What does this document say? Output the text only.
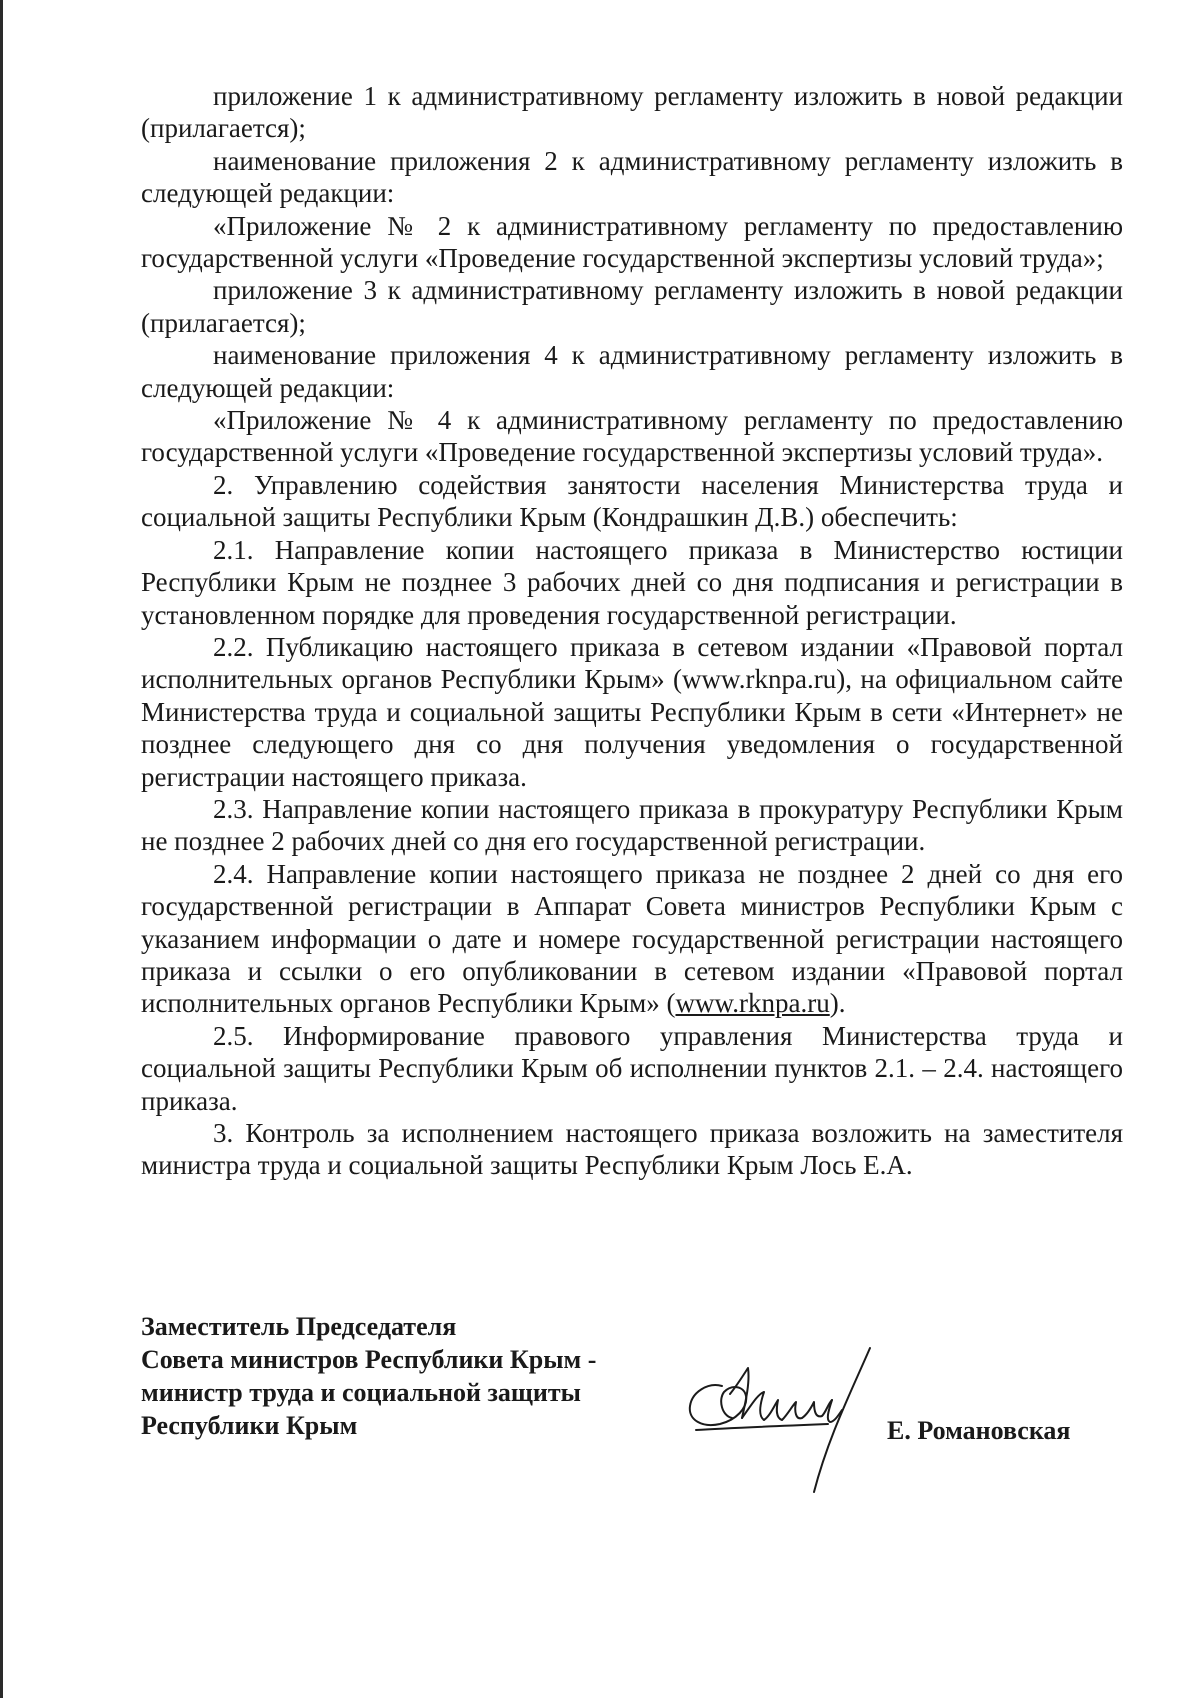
приложение 1 к административному регламенту изложить в новой редакции (прилагается);

наименование приложения 2 к административному регламенту изложить в следующей редакции:

«Приложение № 2 к административному регламенту по предоставлению государственной услуги «Проведение государственной экспертизы условий труда»;

приложение 3 к административному регламенту изложить в новой редакции (прилагается);

наименование приложения 4 к административному регламенту изложить в следующей редакции:

«Приложение № 4 к административному регламенту по предоставлению государственной услуги «Проведение государственной экспертизы условий труда».

2. Управлению содействия занятости населения Министерства труда и социальной защиты Республики Крым (Кондрашкин Д.В.) обеспечить:

2.1. Направление копии настоящего приказа в Министерство юстиции Республики Крым не позднее 3 рабочих дней со дня подписания и регистрации в установленном порядке для проведения государственной регистрации.

2.2. Публикацию настоящего приказа в сетевом издании «Правовой портал исполнительных органов Республики Крым» (www.rknpa.ru), на официальном сайте Министерства труда и социальной защиты Республики Крым в сети «Интернет» не позднее следующего дня со дня получения уведомления о государственной регистрации настоящего приказа.

2.3. Направление копии настоящего приказа в прокуратуру Республики Крым не позднее 2 рабочих дней со дня его государственной регистрации.

2.4. Направление копии настоящего приказа не позднее 2 дней со дня его государственной регистрации в Аппарат Совета министров Республики Крым с указанием информации о дате и номере государственной регистрации настоящего приказа и ссылки о его опубликовании в сетевом издании «Правовой портал исполнительных органов Республики Крым» (www.rknpa.ru).

2.5. Информирование правового управления Министерства труда и социальной защиты Республики Крым об исполнении пунктов 2.1. – 2.4. настоящего приказа.

3. Контроль за исполнением настоящего приказа возложить на заместителя министра труда и социальной защиты Республики Крым Лось Е.А.

Заместитель Председателя
Совета министров Республики Крым -
министр труда и социальной защиты
Республики Крым	Е. Романовская
